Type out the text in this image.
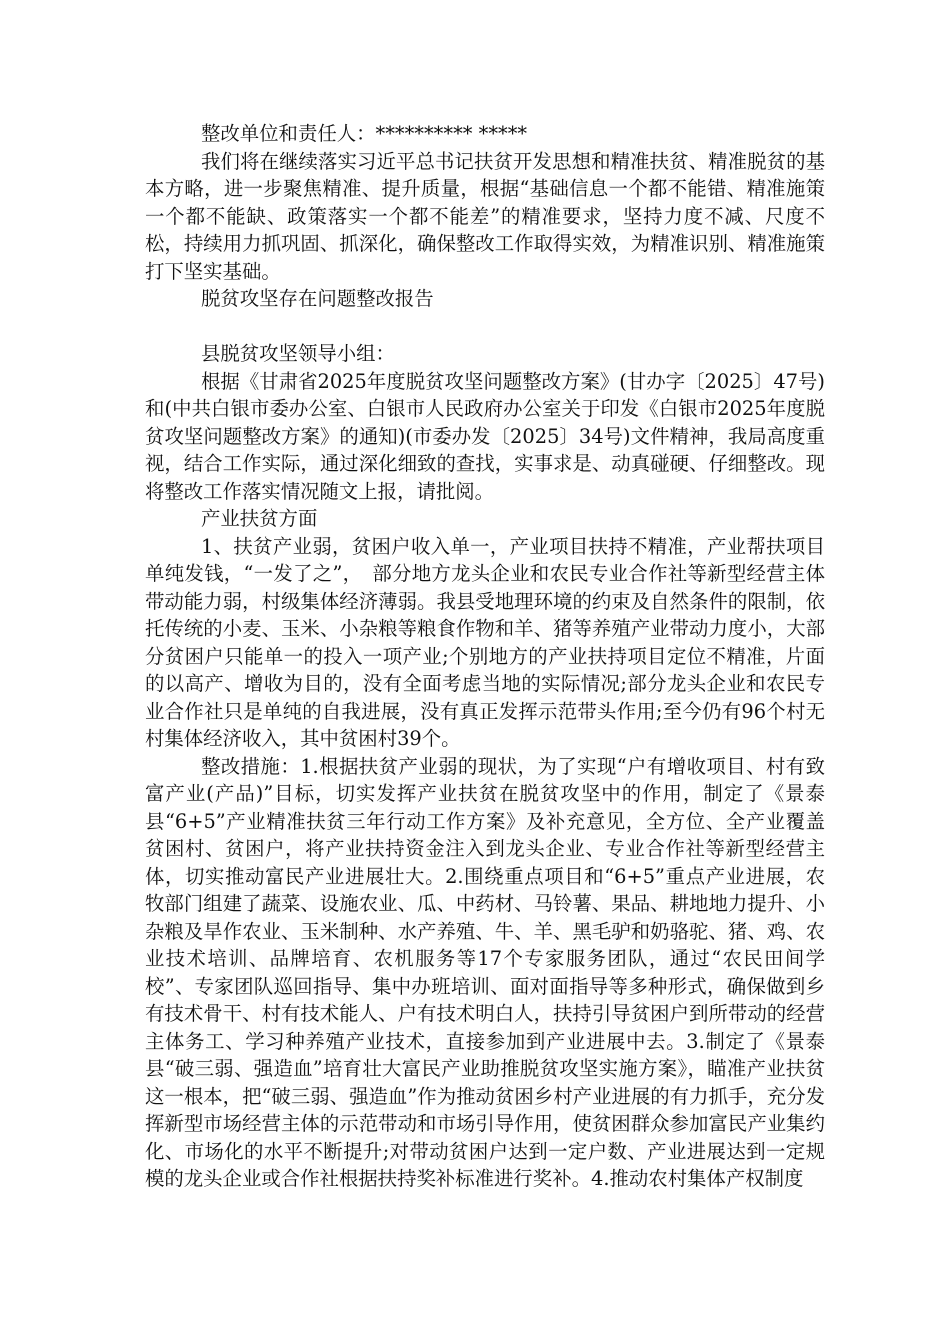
整改单位和责任人：********** *****

我们将在继续落实习近平总书记扶贫开发思想和精准扶贫、精准脱贫的基本方略，进一步聚焦精准、提升质量，根据“基础信息一个都不能错、精准施策一个都不能缺、政策落实一个都不能差”的精准要求，坚持力度不减、尺度不松，持续用力抓巩固、抓深化，确保整改工作取得实效，为精准识别、精准施策打下坚实基础。

脱贫攻坚存在问题整改报告

县脱贫攻坚领导小组：

根据《甘肃省2025年度脱贫攻坚问题整改方案》(甘办字〔2025〕47号)和(中共白银市委办公室、白银市人民政府办公室关于印发《白银市2025年度脱贫攻坚问题整改方案》的通知)(市委办发〔2025〕34号)文件精神，我局高度重视，结合工作实际，通过深化细致的查找，实事求是、动真碰硬、仔细整改。现将整改工作落实情况随文上报，请批阅。

产业扶贫方面

1、扶贫产业弱，贫困户收入单一，产业项目扶持不精准，产业帮扶项目单纯发钱，“一发了之”，　部分地方龙头企业和农民专业合作社等新型经营主体带动能力弱，村级集体经济薄弱。我县受地理环境的约束及自然条件的限制，依托传统的小麦、玉米、小杂粮等粮食作物和羊、猪等养殖产业带动力度小，大部分贫困户只能单一的投入一项产业;个别地方的产业扶持项目定位不精准，片面的以高产、增收为目的，没有全面考虑当地的实际情况;部分龙头企业和农民专业合作社只是单纯的自我进展，没有真正发挥示范带头作用;至今仍有96个村无村集体经济收入，其中贫困村39个。

整改措施：1.根据扶贫产业弱的现状，为了实现“户有增收项目、村有致富产业(产品)”目标，切实发挥产业扶贫在脱贫攻坚中的作用，制定了《景泰县“6+5”产业精准扶贫三年行动工作方案》及补充意见，全方位、全产业覆盖贫困村、贫困户，将产业扶持资金注入到龙头企业、专业合作社等新型经营主体，切实推动富民产业进展壮大。2.围绕重点项目和“6+5”重点产业进展，农牧部门组建了蔬菜、设施农业、瓜、中药材、马铃薯、果品、耕地地力提升、小杂粮及旱作农业、玉米制种、水产养殖、牛、羊、黑毛驴和奶骆驼、猪、鸡、农业技术培训、品牌培育、农机服务等17个专家服务团队，通过“农民田间学校”、专家团队巡回指导、集中办班培训、面对面指导等多种形式，确保做到乡有技术骨干、村有技术能人、户有技术明白人，扶持引导贫困户到所带动的经营主体务工、学习种养殖产业技术，直接参加到产业进展中去。3.制定了《景泰县“破三弱、强造血”培育壮大富民产业助推脱贫攻坚实施方案》，瞄准产业扶贫这一根本，把“破三弱、强造血”作为推动贫困乡村产业进展的有力抓手，充分发挥新型市场经营主体的示范带动和市场引导作用，使贫困群众参加富民产业集约化、市场化的水平不断提升;对带动贫困户达到一定户数、产业进展达到一定规模的龙头企业或合作社根据扶持奖补标准进行奖补。4.推动农村集体产权制度
